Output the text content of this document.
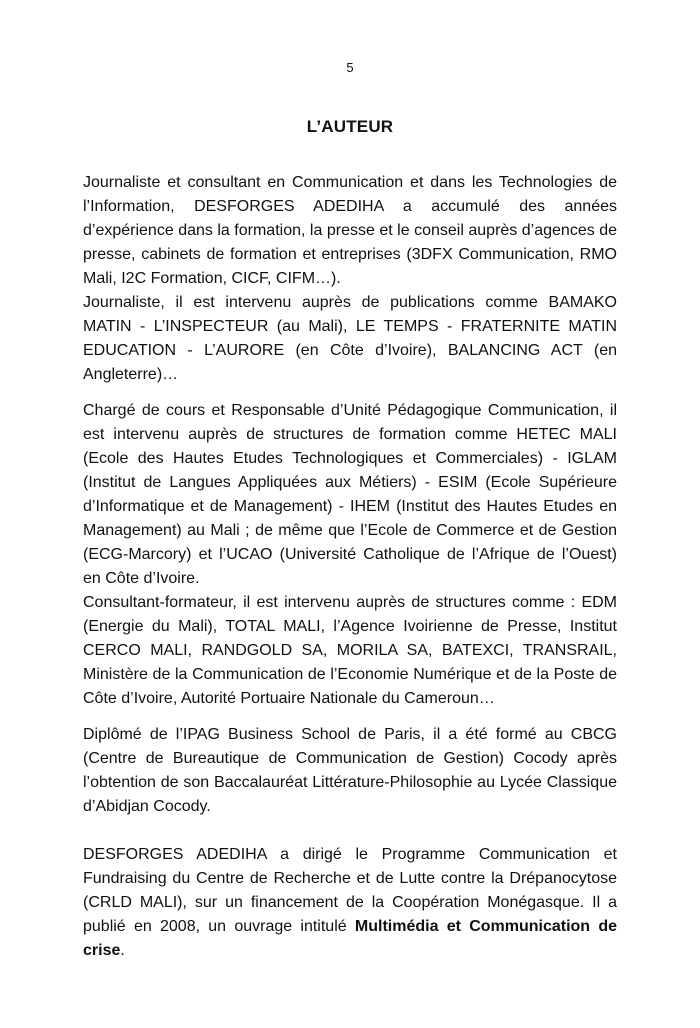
5
L’AUTEUR

Journaliste et consultant en Communication et dans les Technologies de l’Information, DESFORGES ADEDIHA a accumulé des années d’expérience dans la formation, la presse et le conseil auprès d’agences de presse, cabinets de formation et entreprises (3DFX Communication, RMO Mali, I2C Formation, CICF, CIFM…).

Journaliste, il est intervenu auprès de publications comme BAMAKO MATIN - L’INSPECTEUR (au Mali), LE TEMPS - FRATERNITE MATIN EDUCATION - L’AURORE (en Côte d’Ivoire), BALANCING ACT (en Angleterre)…

Chargé de cours et Responsable d’Unité Pédagogique Communication, il est intervenu auprès de structures de formation comme HETEC MALI (Ecole des Hautes Etudes Technologiques et Commerciales) - IGLAM (Institut de Langues Appliquées aux Métiers) - ESIM (Ecole Supérieure d’Informatique et de Management) - IHEM (Institut des Hautes Etudes en Management) au Mali ; de même que l’Ecole de Commerce et de Gestion (ECG-Marcory) et l’UCAO (Université Catholique de l’Afrique de l’Ouest) en Côte d’Ivoire.

Consultant-formateur, il est intervenu auprès de structures comme : EDM (Energie du Mali), TOTAL MALI, l’Agence Ivoirienne de Presse, Institut CERCO MALI, RANDGOLD SA, MORILA SA, BATEXCI, TRANSRAIL, Ministère de la Communication de l’Economie Numérique et de la Poste de Côte d’Ivoire, Autorité Portuaire Nationale du Cameroun…

Diplômé de l’IPAG Business School de Paris, il a été formé au CBCG (Centre de Bureautique de Communication de Gestion) Cocody après l’obtention de son Baccalauréat Littérature-Philosophie au Lycée Classique d’Abidjan Cocody.

DESFORGES ADEDIHA a dirigé le Programme Communication et Fundraising du Centre de Recherche et de Lutte contre la Drépanocytose (CRLD MALI), sur un financement de la Coopération Monégasque. Il a publié en 2008, un ouvrage intitulé Multimédia et Communication de crise.
